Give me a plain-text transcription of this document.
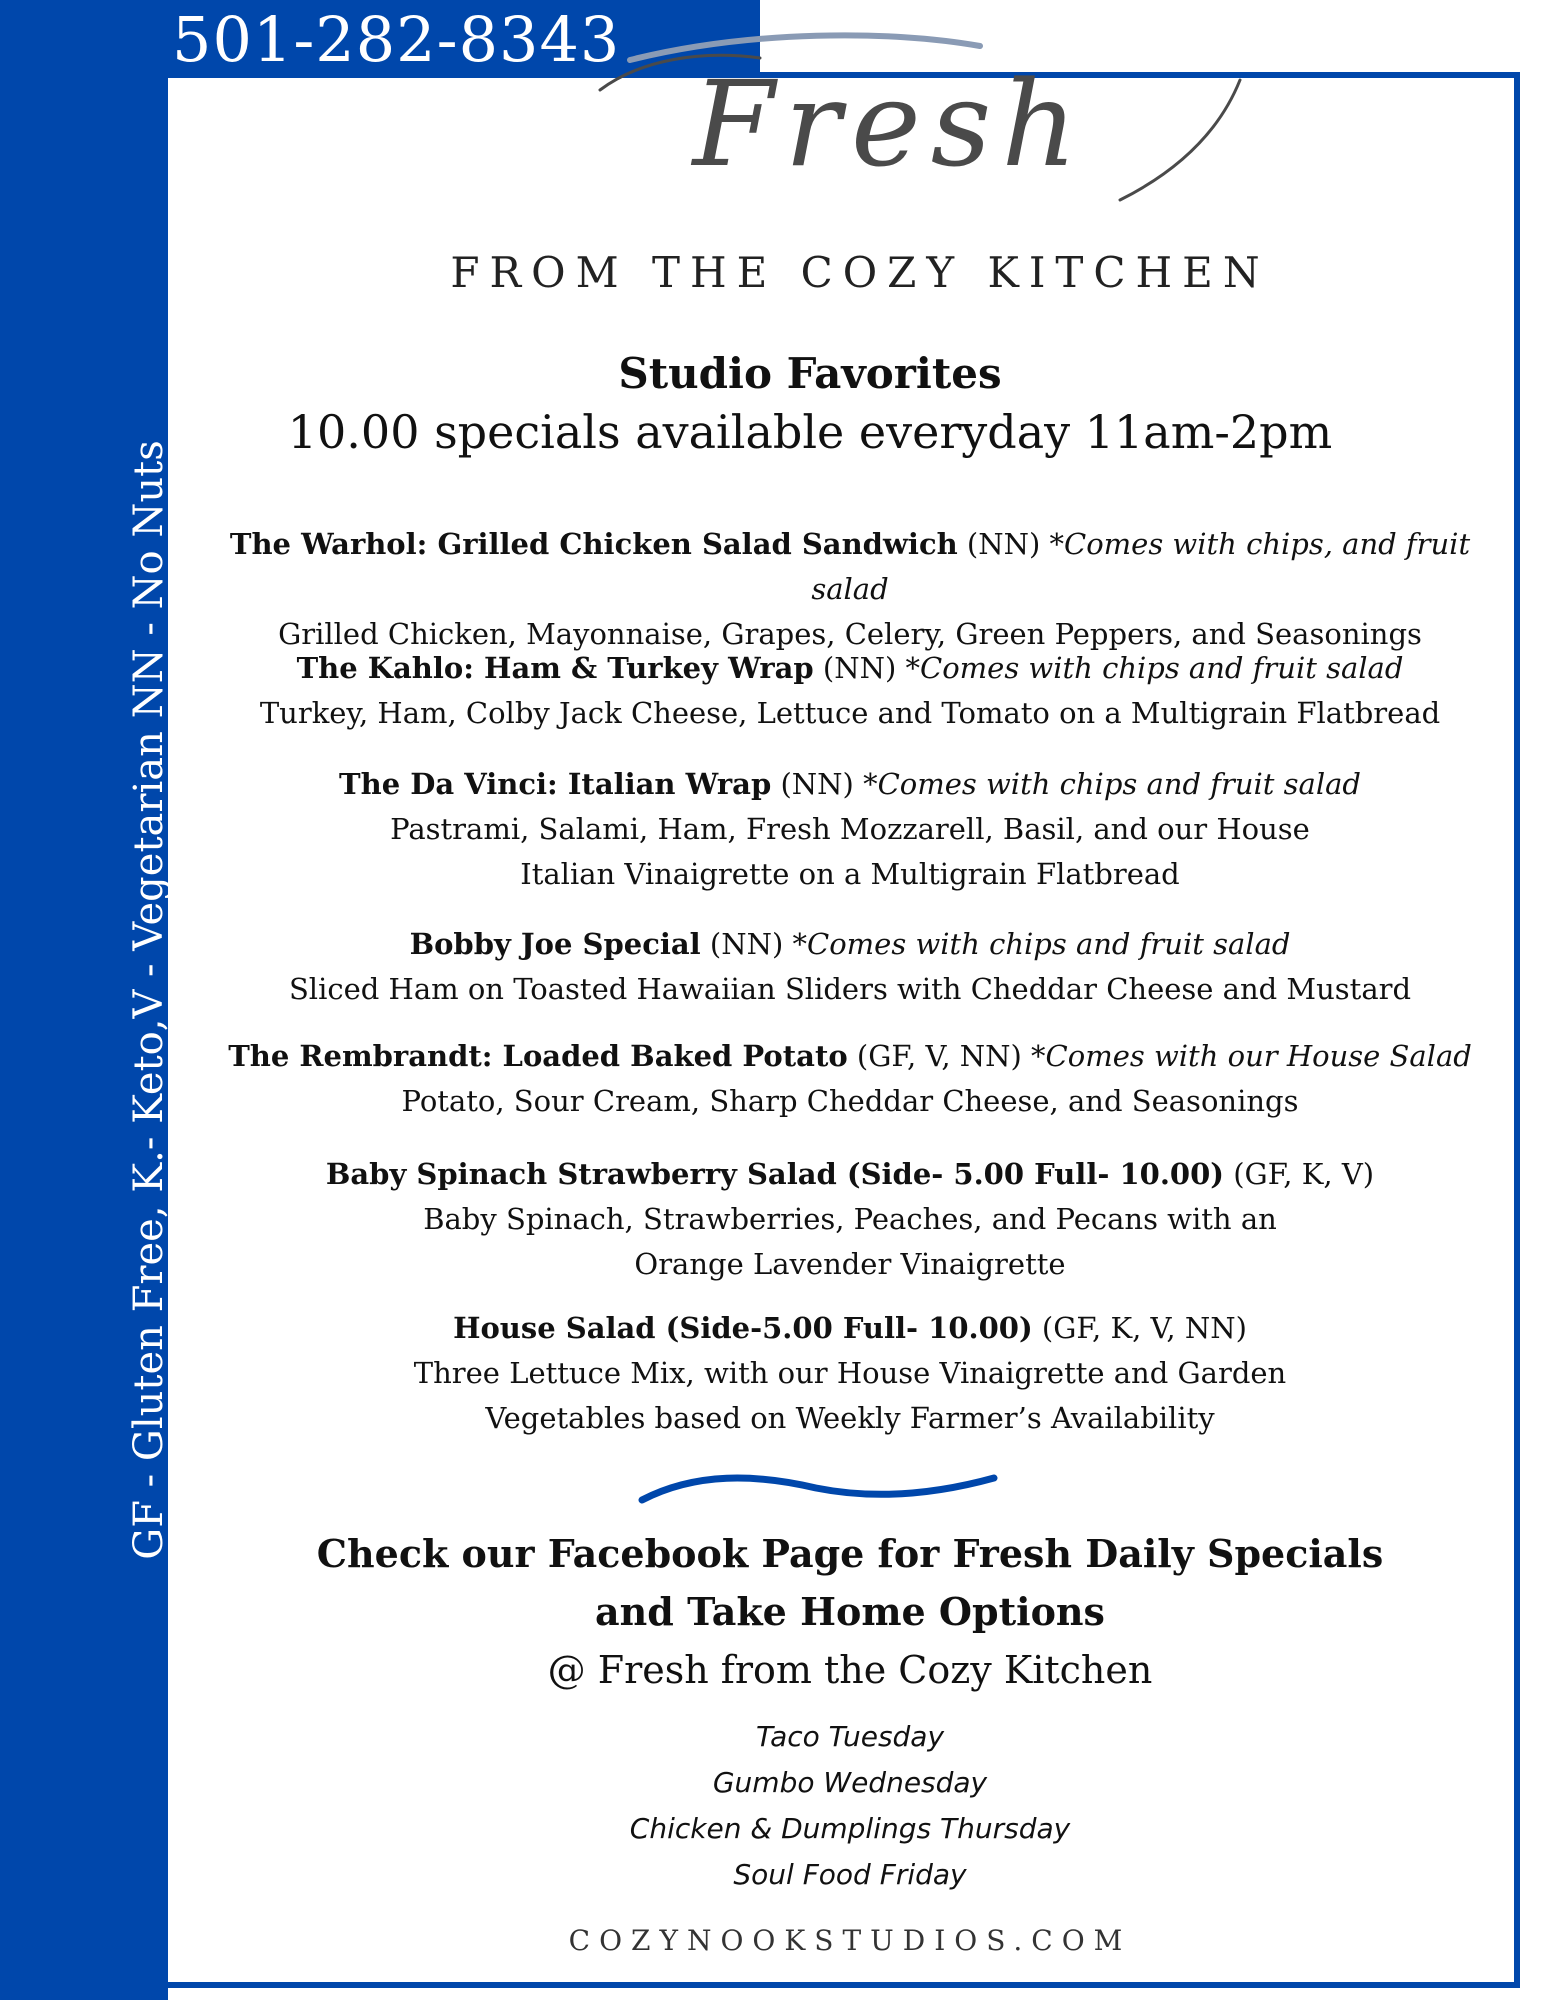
501-282-8343
GF - Gluten Free, K.- Keto,V - Vegetarian NN - No Nuts
Fresh
FROM THE COZY KITCHEN
Studio Favorites
10.00 specials available everyday 11am-2pm
The Warhol: Grilled Chicken Salad Sandwich (NN) *Comes with chips, and fruit salad
Grilled Chicken, Mayonnaise, Grapes, Celery, Green Peppers, and Seasonings
The Kahlo: Ham & Turkey Wrap (NN) *Comes with chips and fruit salad
Turkey, Ham, Colby Jack Cheese, Lettuce and Tomato on a Multigrain Flatbread
The Da Vinci: Italian Wrap (NN) *Comes with chips and fruit salad
Pastrami, Salami, Ham, Fresh Mozzarell, Basil, and our House Italian Vinaigrette on a Multigrain Flatbread
Bobby Joe Special (NN) *Comes with chips and fruit salad
Sliced Ham on Toasted Hawaiian Sliders with Cheddar Cheese and Mustard
The Rembrandt: Loaded Baked Potato (GF, V, NN) *Comes with our House Salad
Potato, Sour Cream, Sharp Cheddar Cheese, and Seasonings
Baby Spinach Strawberry Salad (Side- 5.00 Full- 10.00) (GF, K, V)
Baby Spinach, Strawberries, Peaches, and Pecans with an Orange Lavender Vinaigrette
House Salad (Side-5.00 Full- 10.00) (GF, K, V, NN)
Three Lettuce Mix, with our House Vinaigrette and Garden Vegetables based on Weekly Farmer’s Availability
Check our Facebook Page for Fresh Daily Specials
and Take Home Options
@ Fresh from the Cozy Kitchen
Taco Tuesday
Gumbo Wednesday
Chicken & Dumplings Thursday
Soul Food Friday
COZYNOOKSTUDIOS.COM
